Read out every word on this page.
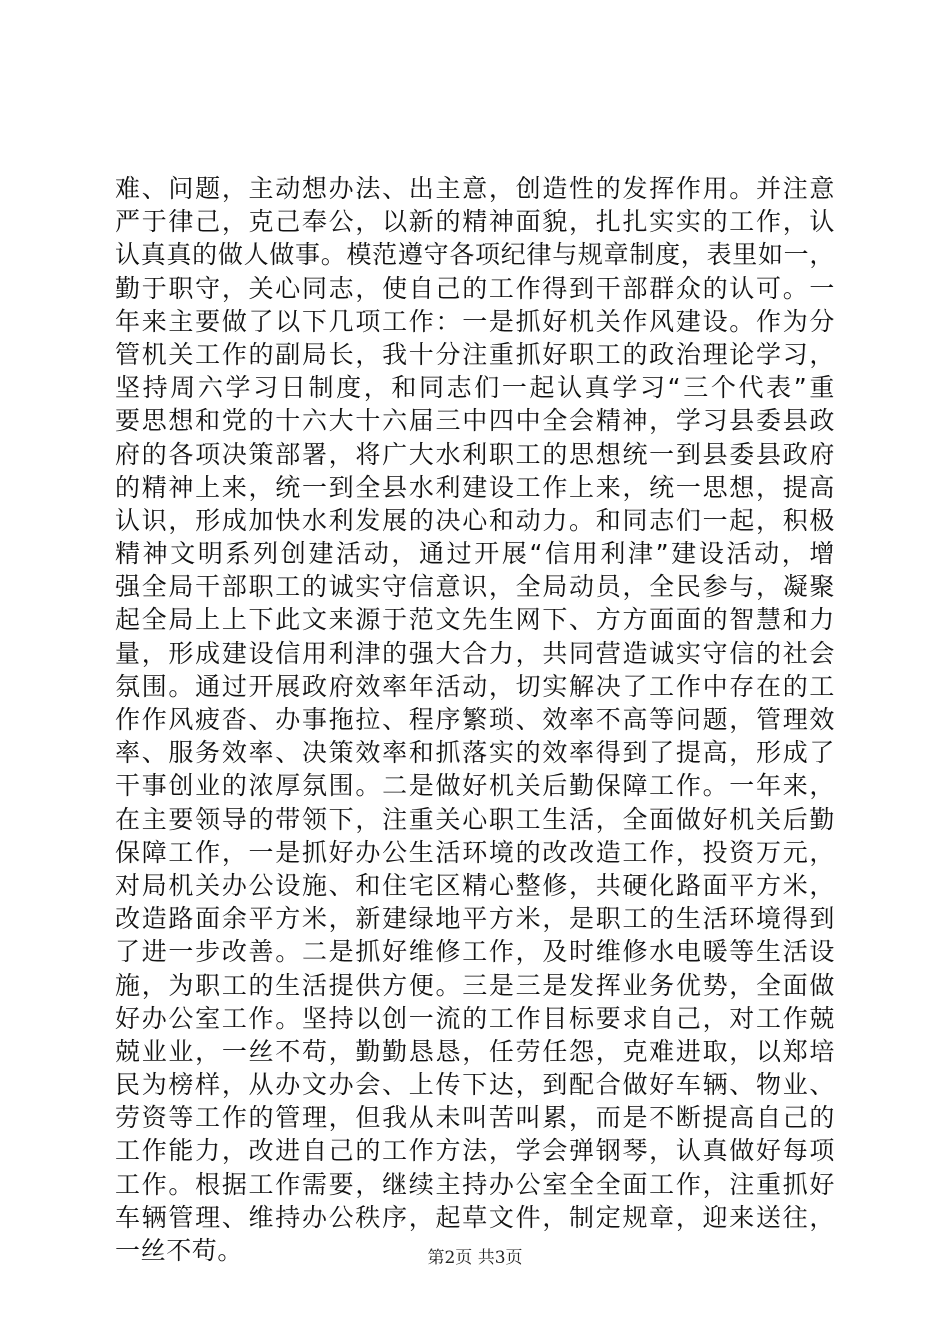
难、问题，主动想办法、出主意，创造性的发挥作用。并注意
严于律己，克己奉公，以新的精神面貌，扎扎实实的工作，认
认真真的做人做事。模范遵守各项纪律与规章制度，表里如一，
勤于职守，关心同志，使自己的工作得到干部群众的认可。一
年来主要做了以下几项工作：一是抓好机关作风建设。作为分
管机关工作的副局长，我十分注重抓好职工的政治理论学习，
坚持周六学习日制度，和同志们一起认真学习“三个代表”重
要思想和党的十六大十六届三中四中全会精神，学习县委县政
府的各项决策部署，将广大水利职工的思想统一到县委县政府
的精神上来，统一到全县水利建设工作上来，统一思想，提高
认识，形成加快水利发展的决心和动力。和同志们一起，积极
精神文明系列创建活动，通过开展“信用利津”建设活动，增
强全局干部职工的诚实守信意识，全局动员，全民参与，凝聚
起全局上上下此文来源于范文先生网下、方方面面的智慧和力
量，形成建设信用利津的强大合力，共同营造诚实守信的社会
氛围。通过开展政府效率年活动，切实解决了工作中存在的工
作作风疲沓、办事拖拉、程序繁琐、效率不高等问题，管理效
率、服务效率、决策效率和抓落实的效率得到了提高，形成了
干事创业的浓厚氛围。二是做好机关后勤保障工作。一年来，
在主要领导的带领下，注重关心职工生活，全面做好机关后勤
保障工作，一是抓好办公生活环境的改改造工作，投资万元，
对局机关办公设施、和住宅区精心整修，共硬化路面平方米，
改造路面余平方米，新建绿地平方米，是职工的生活环境得到
了进一步改善。二是抓好维修工作，及时维修水电暖等生活设
施，为职工的生活提供方便。三是三是发挥业务优势，全面做
好办公室工作。坚持以创一流的工作目标要求自己，对工作兢
兢业业，一丝不苟，勤勤恳恳，任劳任怨，克难进取，以郑培
民为榜样，从办文办会、上传下达，到配合做好车辆、物业、
劳资等工作的管理，但我从未叫苦叫累，而是不断提高自己的
工作能力，改进自己的工作方法，学会弹钢琴，认真做好每项
工作。根据工作需要，继续主持办公室全全面工作，注重抓好
车辆管理、维持办公秩序，起草文件，制定规章，迎来送往，
一丝不苟。	第2页 共3页
